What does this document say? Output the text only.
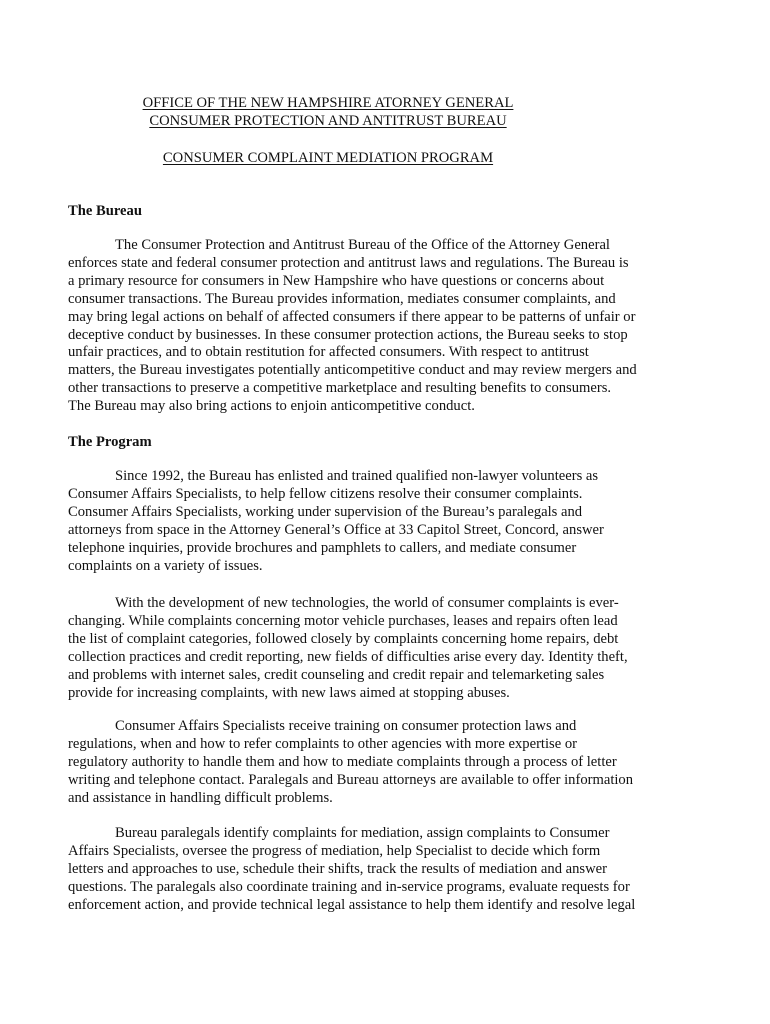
OFFICE OF THE NEW HAMPSHIRE ATORNEY GENERAL

CONSUMER PROTECTION AND ANTITRUST BUREAU

CONSUMER COMPLAINT MEDIATION PROGRAM

The Bureau
The Consumer Protection and Antitrust Bureau of the Office of the Attorney General
enforces state and federal consumer protection and antitrust laws and regulations. The Bureau is
a primary resource for consumers in New Hampshire who have questions or concerns about
consumer transactions. The Bureau provides information, mediates consumer complaints, and
may bring legal actions on behalf of affected consumers if there appear to be patterns of unfair or
deceptive conduct by businesses. In these consumer protection actions, the Bureau seeks to stop
unfair practices, and to obtain restitution for affected consumers. With respect to antitrust
matters, the Bureau investigates potentially anticompetitive conduct and may review mergers and
other transactions to preserve a competitive marketplace and resulting benefits to consumers.
The Bureau may also bring actions to enjoin anticompetitive conduct.
The Program
Since 1992, the Bureau has enlisted and trained qualified non-lawyer volunteers as
Consumer Affairs Specialists, to help fellow citizens resolve their consumer complaints.
Consumer Affairs Specialists, working under supervision of the Bureau’s paralegals and
attorneys from space in the Attorney General’s Office at 33 Capitol Street, Concord, answer
telephone inquiries, provide brochures and pamphlets to callers, and mediate consumer
complaints on a variety of issues.
With the development of new technologies, the world of consumer complaints is ever-
changing. While complaints concerning motor vehicle purchases, leases and repairs often lead
the list of complaint categories, followed closely by complaints concerning home repairs, debt
collection practices and credit reporting, new fields of difficulties arise every day. Identity theft,
and problems with internet sales, credit counseling and credit repair and telemarketing sales
provide for increasing complaints, with new laws aimed at stopping abuses.
Consumer Affairs Specialists receive training on consumer protection laws and
regulations, when and how to refer complaints to other agencies with more expertise or
regulatory authority to handle them and how to mediate complaints through a process of letter
writing and telephone contact. Paralegals and Bureau attorneys are available to offer information
and assistance in handling difficult problems.
Bureau paralegals identify complaints for mediation, assign complaints to Consumer
Affairs Specialists, oversee the progress of mediation, help Specialist to decide which form
letters and approaches to use, schedule their shifts, track the results of mediation and answer
questions. The paralegals also coordinate training and in-service programs, evaluate requests for
enforcement action, and provide technical legal assistance to help them identify and resolve legal
